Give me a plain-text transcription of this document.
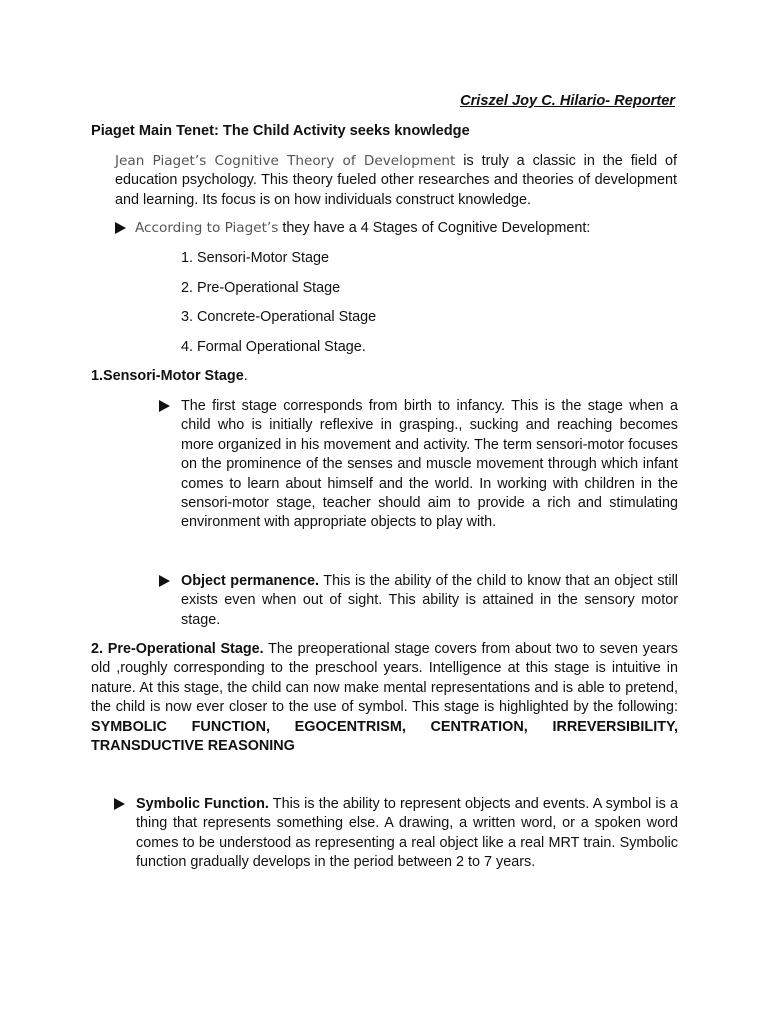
Criszel Joy C. Hilario- Reporter

Piaget Main Tenet: The Child Activity seeks knowledge

Jean Piaget’s Cognitive Theory of Development is truly a classic in the field of education psychology. This theory fueled other researches and theories of development and learning. Its focus is on how individuals construct knowledge.

According to Piaget’s they have a 4 Stages of Cognitive Development:

1. Sensori-Motor Stage

2. Pre-Operational Stage

3. Concrete-Operational Stage

4. Formal Operational Stage.

1.Sensori-Motor Stage.

The first stage corresponds from birth to infancy. This is the stage when a child who is initially reflexive in grasping., sucking and reaching becomes more organized in his movement and activity. The term sensori-motor focuses on the prominence of the senses and muscle movement through which infant comes to learn about himself and the world. In working with children in the sensori-motor stage, teacher should aim to provide a rich and stimulating environment with appropriate objects to play with.

Object permanence. This is the ability of the child to know that an object still exists even when out of sight. This ability is attained in the sensory motor stage.

2. Pre-Operational Stage. The preoperational stage covers from about two to seven years old ,roughly corresponding to the preschool years. Intelligence at this stage is intuitive in nature. At this stage, the child can now make mental representations and is able to pretend, the child is now ever closer to the use of symbol. This stage is highlighted by the following: SYMBOLIC FUNCTION, EGOCENTRISM, CENTRATION, IRREVERSIBILITY, TRANSDUCTIVE REASONING

Symbolic Function. This is the ability to represent objects and events. A symbol is a thing that represents something else. A drawing, a written word, or a spoken word comes to be understood as representing a real object like a real MRT train. Symbolic function gradually develops in the period between 2 to 7 years.
